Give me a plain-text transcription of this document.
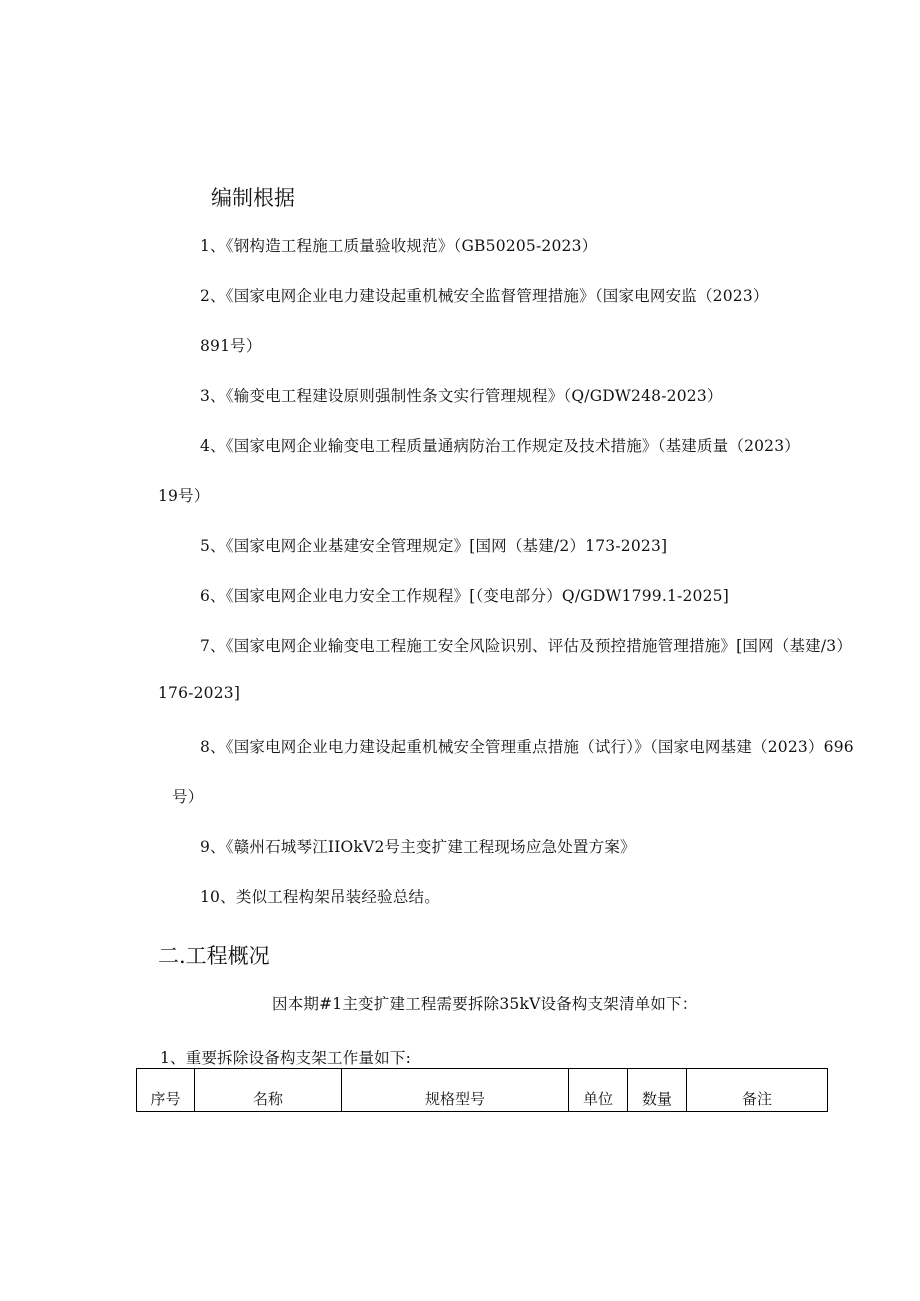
编制根据
1、《钢构造工程施工质量验收规范》（GB50205-2023）
2、《国家电网企业电力建设起重机械安全监督管理措施》（国家电网安监（2023）
891号）
3、《输变电工程建设原则强制性条文实行管理规程》（Q/GDW248-2023）
4、《国家电网企业输变电工程质量通病防治工作规定及技术措施》（基建质量（2023）
19号）
5、《国家电网企业基建安全管理规定》[国网（基建/2）173-2023]
6、《国家电网企业电力安全工作规程》[（变电部分）Q/GDW1799.1-2025]
7、《国家电网企业输变电工程施工安全风险识别、评估及预控措施管理措施》[国网（基建/3）
176-2023]
8、《国家电网企业电力建设起重机械安全管理重点措施（试行）》（国家电网基建（2023）696
号）
9、《赣州石城琴江IIOkV2号主变扩建工程现场应急处置方案》
10、类似工程构架吊装经验总结。
二.工程概况
因本期#1主变扩建工程需要拆除35kV设备构支架清单如下：
1、重要拆除设备构支架工作量如下:
序号	名称	规格型号	单位	数量	备注
